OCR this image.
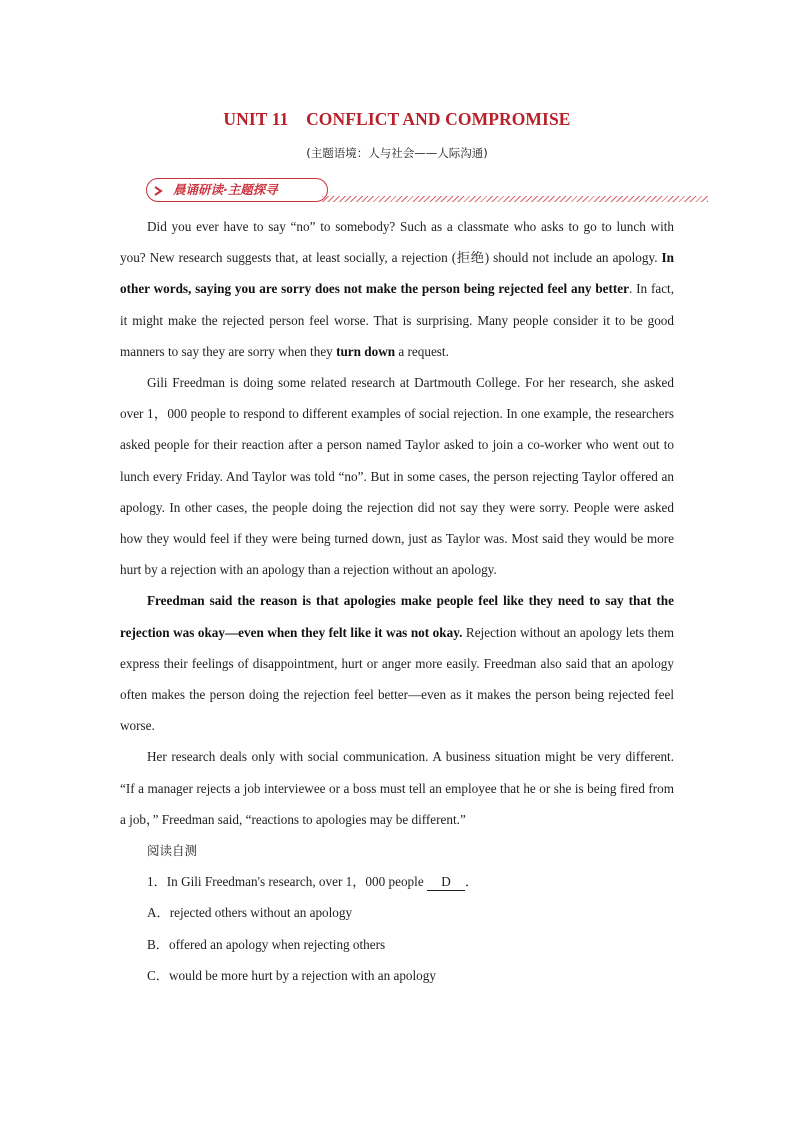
UNIT 11　CONFLICT AND COMPROMISE
(主题语境：人与社会——人际沟通)
晨诵研读·主题探寻

Did you ever have to say “no” to somebody? Such as a classmate who asks to go to lunch with you? New research suggests that, at least socially, a rejection (拒绝) should not include an apology. In other words, saying you are sorry does not make the person being rejected feel any better. In fact, it might make the rejected person feel worse. That is surprising. Many people consider it to be good manners to say they are sorry when they turn down a request.

Gili Freedman is doing some related research at Dartmouth College. For her research, she asked over 1，000 people to respond to different examples of social rejection. In one example, the researchers asked people for their reaction after a person named Taylor asked to join a co-worker who went out to lunch every Friday. And Taylor was told “no”. But in some cases, the person rejecting Taylor offered an apology. In other cases, the people doing the rejection did not say they were sorry. People were asked how they would feel if they were being turned down, just as Taylor was. Most said they would be more hurt by a rejection with an apology than a rejection without an apology.

Freedman said the reason is that apologies make people feel like they need to say that the rejection was okay—even when they felt like it was not okay. Rejection without an apology lets them express their feelings of disappointment, hurt or anger more easily. Freedman also said that an apology often makes the person doing the rejection feel better—even as it makes the person being rejected feel worse.

Her research deals only with social communication. A business situation might be very different. “If a manager rejects a job interviewee or a boss must tell an employee that he or she is being fired from a job，” Freedman said, “reactions to apologies may be different.”

阅读自测

1．In Gili Freedman's research, over 1，000 people D ．

A．rejected others without an apology

B．offered an apology when rejecting others

C．would be more hurt by a rejection with an apology
